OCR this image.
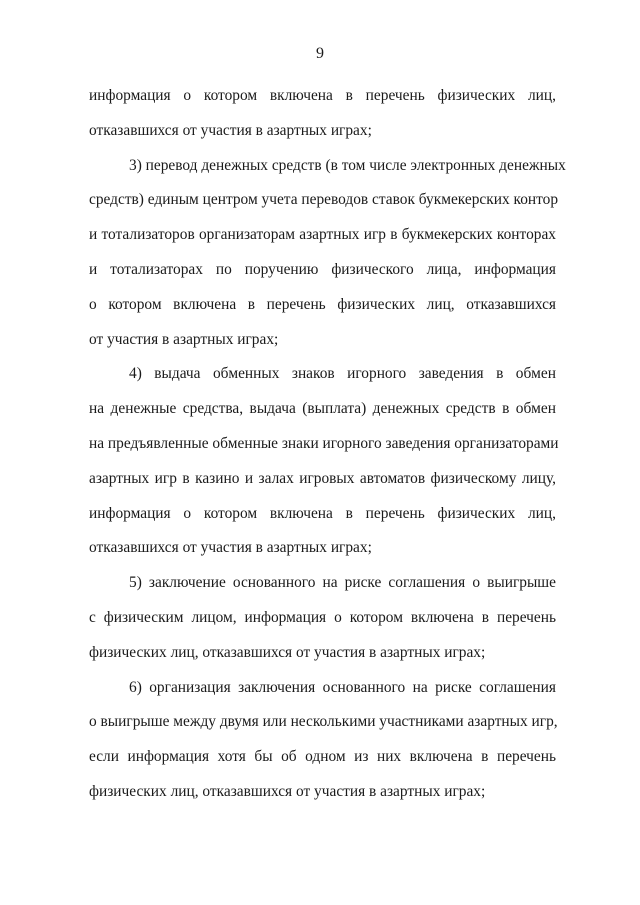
9

информация о котором включена в перечень физических лиц,
отказавшихся от участия в азартных играх;

3) перевод денежных средств (в том числе электронных денежных
средств) единым центром учета переводов ставок букмекерских контор
и тотализаторов организаторам азартных игр в букмекерских конторах
и тотализаторах по поручению физического лица, информация
о котором включена в перечень физических лиц, отказавшихся
от участия в азартных играх;

4) выдача обменных знаков игорного заведения в обмен
на денежные средства, выдача (выплата) денежных средств в обмен
на предъявленные обменные знаки игорного заведения организаторами
азартных игр в казино и залах игровых автоматов физическому лицу,
информация о котором включена в перечень физических лиц,
отказавшихся от участия в азартных играх;

5) заключение основанного на риске соглашения о выигрыше
с физическим лицом, информация о котором включена в перечень
физических лиц, отказавшихся от участия в азартных играх;

6) организация заключения основанного на риске соглашения
о выигрыше между двумя или несколькими участниками азартных игр,
если информация хотя бы об одном из них включена в перечень
физических лиц, отказавшихся от участия в азартных играх;
